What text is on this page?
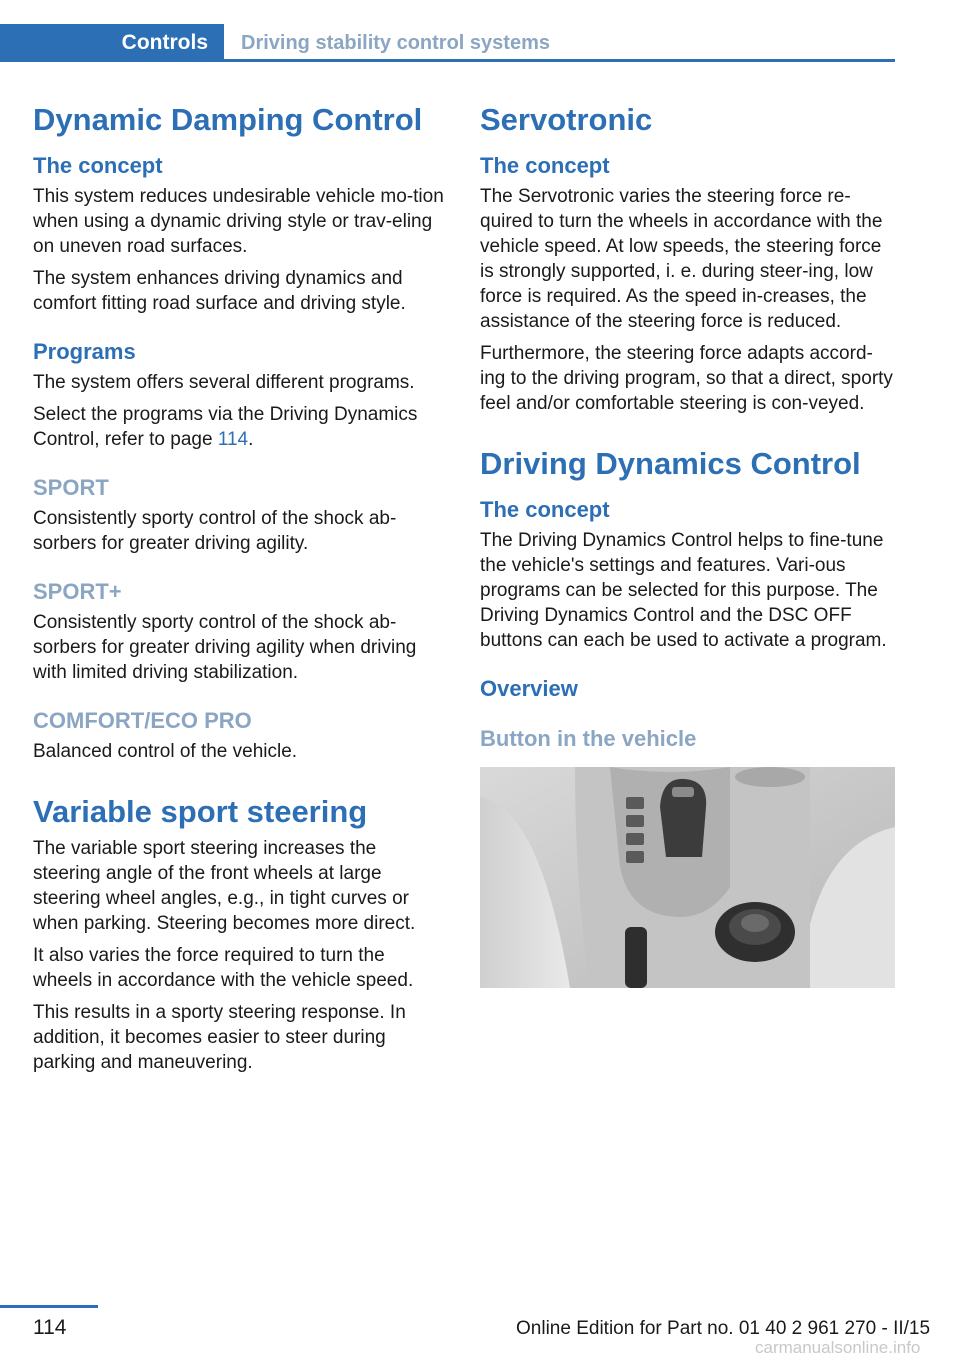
Controls	Driving stability control systems
Dynamic Damping Control
The concept

This system reduces undesirable vehicle mo-tion when using a dynamic driving style or trav-eling on uneven road surfaces.

The system enhances driving dynamics and comfort fitting road surface and driving style.

Programs

The system offers several different programs.

Select the programs via the Driving Dynamics Control, refer to page 114.

SPORT

Consistently sporty control of the shock ab-sorbers for greater driving agility.

SPORT+

Consistently sporty control of the shock ab-sorbers for greater driving agility when driving with limited driving stabilization.

COMFORT/ECO PRO

Balanced control of the vehicle.

Variable sport steering

The variable sport steering increases the steering angle of the front wheels at large steering wheel angles, e.g., in tight curves or when parking. Steering becomes more direct.

It also varies the force required to turn the wheels in accordance with the vehicle speed.

This results in a sporty steering response. In addition, it becomes easier to steer during parking and maneuvering.

Servotronic
The concept

The Servotronic varies the steering force re-quired to turn the wheels in accordance with the vehicle speed. At low speeds, the steering force is strongly supported, i. e. during steer-ing, low force is required. As the speed in-creases, the assistance of the steering force is reduced.

Furthermore, the steering force adapts accord-ing to the driving program, so that a direct, sporty feel and/or comfortable steering is con-veyed.

Driving Dynamics Control
The concept

The Driving Dynamics Control helps to fine-tune the vehicle's settings and features. Vari-ous programs can be selected for this purpose. The Driving Dynamics Control and the DSC OFF buttons can each be used to activate a program.

Overview
Button in the vehicle
114	Online Edition for Part no. 01 40 2 961 270 - II/15
carmanualsonline.info
